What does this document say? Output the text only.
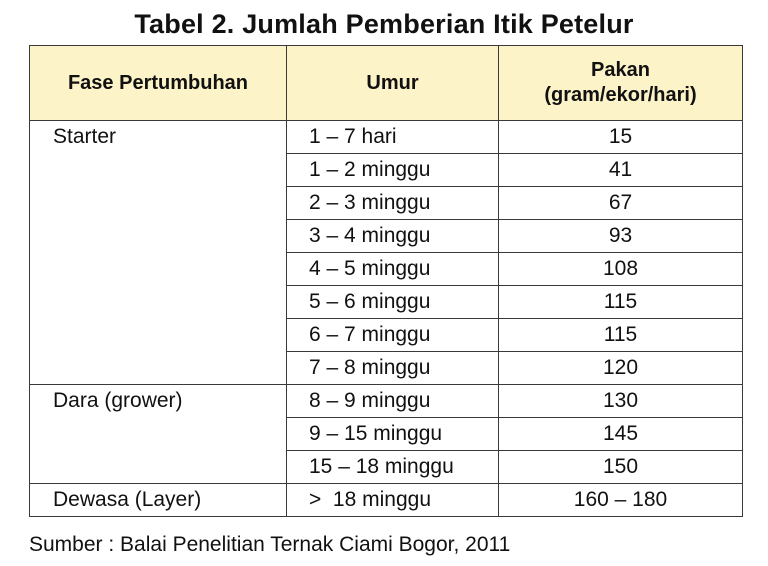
Tabel 2. Jumlah Pemberian Itik Petelur
Fase Pertumbuhan	Umur	Pakan
(gram/ekor/hari)

Starter	1 – 7 hari	15
	1 – 2 minggu	41
	2 – 3 minggu	67
	3 – 4 minggu	93
	4 – 5 minggu	108
	5 – 6 minggu	115
	6 – 7 minggu	115
	7 – 8 minggu	120
Dara (grower)	8 – 9 minggu	130
	9 – 15 minggu	145
	15 – 18 minggu	150
Dewasa (Layer)	>  18 minggu	160 – 180
Sumber : Balai Penelitian Ternak Ciami Bogor, 2011
